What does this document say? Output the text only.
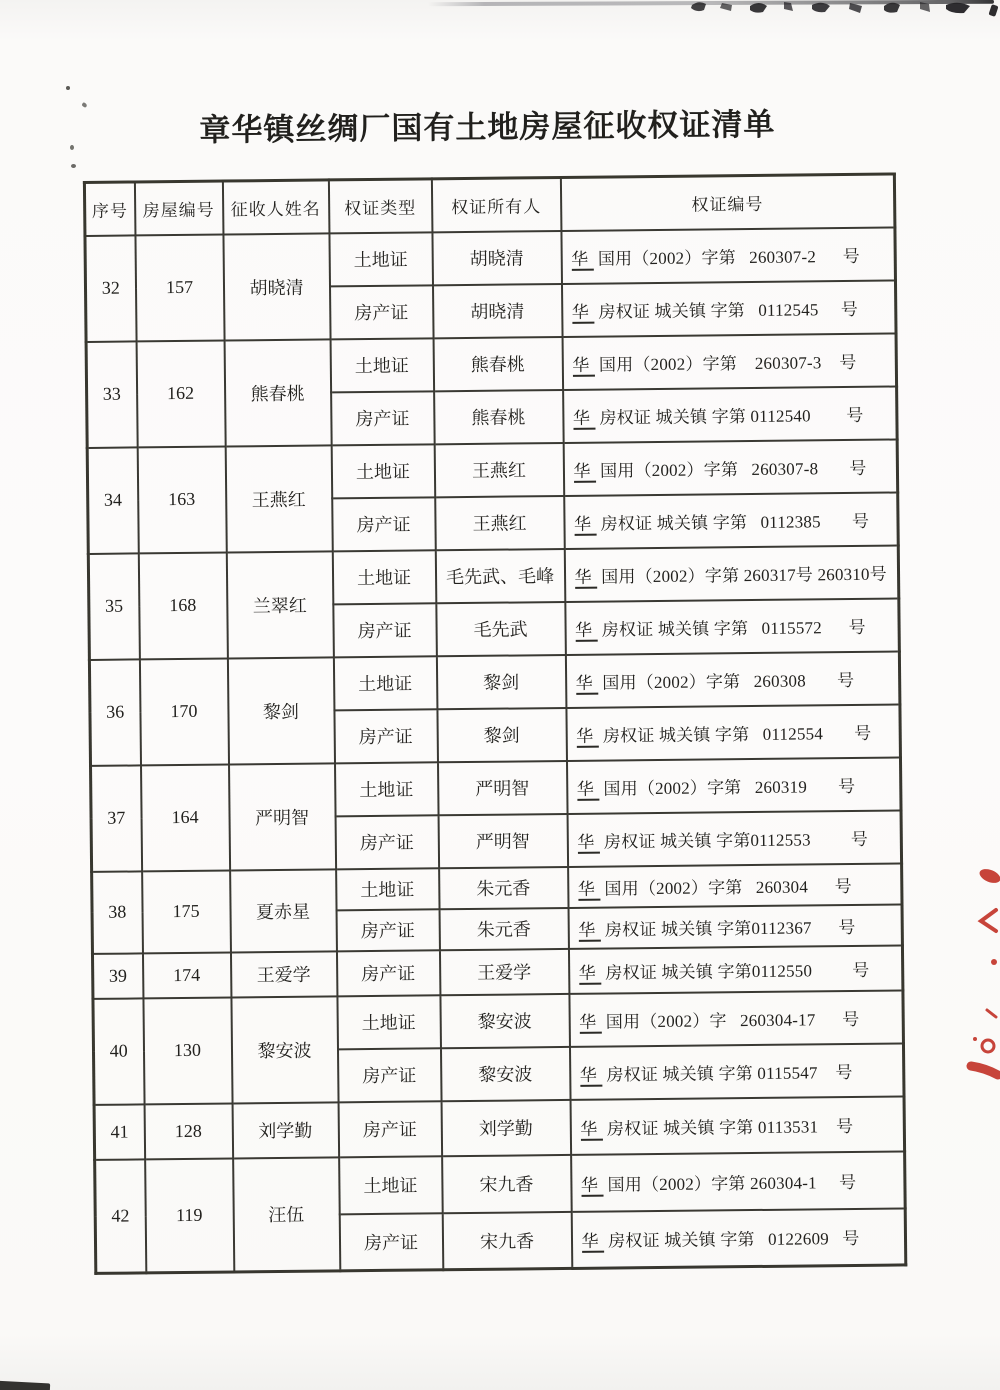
章华镇丝绸厂国有土地房屋征收权证清单
序号	房屋编号	征收人姓名	权证类型	权证所有人	权证编号
32	157	胡晓清	土地证	胡晓清	华 国用（2002）字第   260307-2      号
			房产证	胡晓清	华 房权证 城关镇 字第   0112545     号
33	162	熊春桃	土地证	熊春桃	华 国用（2002）字第    260307-3    号
			房产证	熊春桃	华 房权证 城关镇 字第 0112540        号
34	163	王燕红	土地证	王燕红	华 国用（2002）字第   260307-8       号
			房产证	王燕红	华 房权证 城关镇 字第   0112385       号
35	168	兰翠红	土地证	毛先武、毛峰	华 国用（2002）字第 260317号 260310号
			房产证	毛先武	华 房权证 城关镇 字第   0115572      号
36	170	黎剑	土地证	黎剑	华 国用（2002）字第   260308       号
			房产证	黎剑	华 房权证 城关镇 字第   0112554       号
37	164	严明智	土地证	严明智	华 国用（2002）字第   260319       号
			房产证	严明智	华 房权证 城关镇 字第0112553         号
38	175	夏赤星	土地证	朱元香	华 国用（2002）字第   260304      号
			房产证	朱元香	华 房权证 城关镇 字第0112367      号
39	174	王爱学	房产证	王爱学	华 房权证 城关镇 字第0112550         号
40	130	黎安波	土地证	黎安波	华 国用（2002）字   260304-17      号
			房产证	黎安波	华 房权证 城关镇 字第 0115547    号
41	128	刘学勤	房产证	刘学勤	华 房权证 城关镇 字第 0113531    号
42	119	汪伍	土地证	宋九香	华 国用（2002）字第 260304-1     号
			房产证	宋九香	华 房权证 城关镇 字第   0122609   号
